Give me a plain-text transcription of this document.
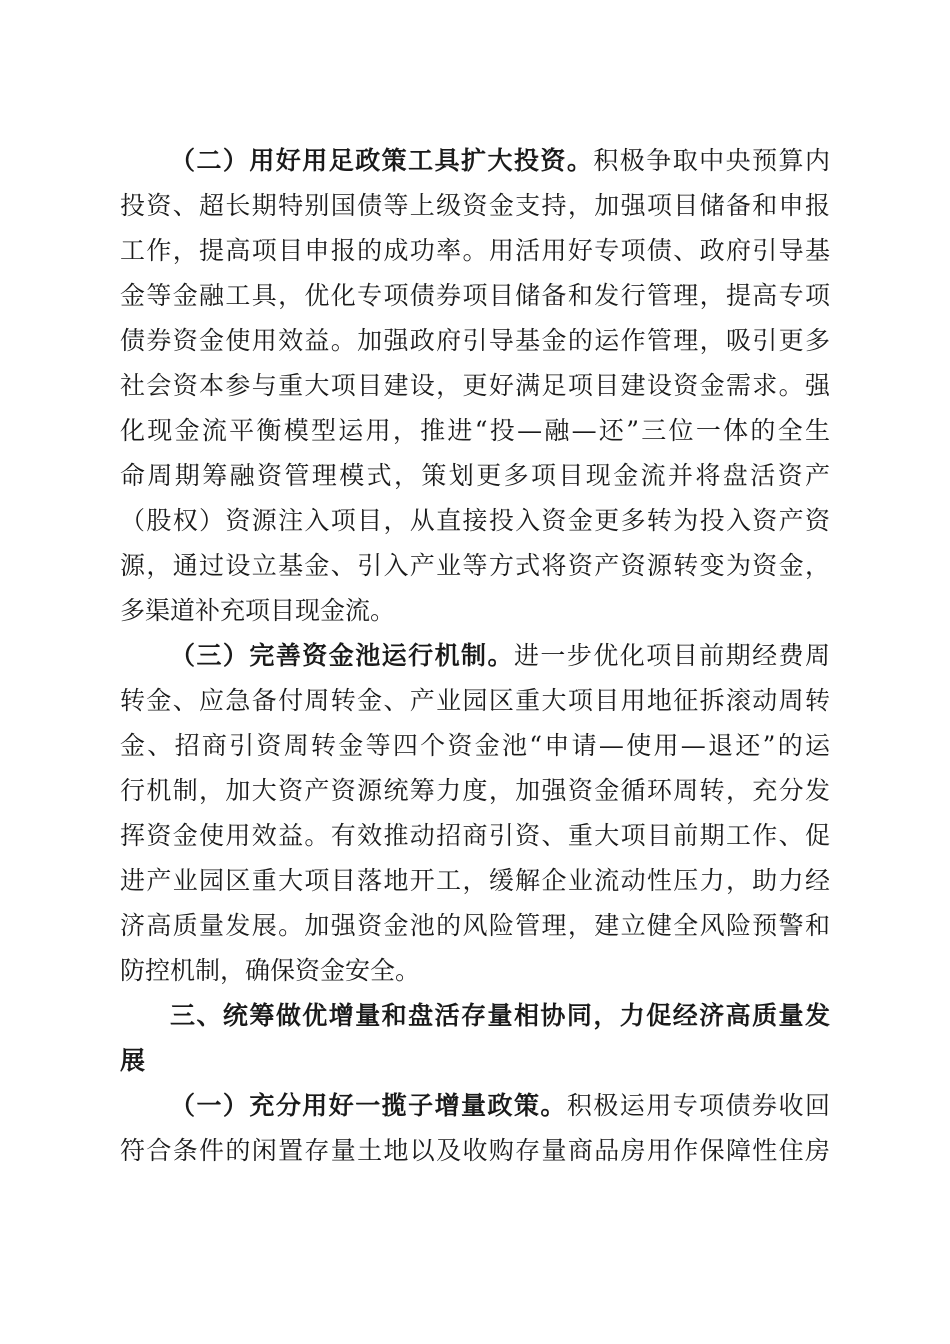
（二）用好用足政策工具扩大投资。积极争取中央预算内
投资、超长期特别国债等上级资金支持，加强项目储备和申报
工作，提高项目申报的成功率。用活用好专项债、政府引导基
金等金融工具，优化专项债券项目储备和发行管理，提高专项
债券资金使用效益。加强政府引导基金的运作管理，吸引更多
社会资本参与重大项目建设，更好满足项目建设资金需求。强
化现金流平衡模型运用，推进“投—融—还”三位一体的全生
命周期筹融资管理模式，策划更多项目现金流并将盘活资产
（股权）资源注入项目，从直接投入资金更多转为投入资产资
源，通过设立基金、引入产业等方式将资产资源转变为资金，
多渠道补充项目现金流。
（三）完善资金池运行机制。进一步优化项目前期经费周
转金、应急备付周转金、产业园区重大项目用地征拆滚动周转
金、招商引资周转金等四个资金池“申请—使用—退还”的运
行机制，加大资产资源统筹力度，加强资金循环周转，充分发
挥资金使用效益。有效推动招商引资、重大项目前期工作、促
进产业园区重大项目落地开工，缓解企业流动性压力，助力经
济高质量发展。加强资金池的风险管理，建立健全风险预警和
防控机制，确保资金安全。
三、统筹做优增量和盘活存量相协同，力促经济高质量发
展
（一）充分用好一揽子增量政策。积极运用专项债券收回
符合条件的闲置存量土地以及收购存量商品房用作保障性住房
